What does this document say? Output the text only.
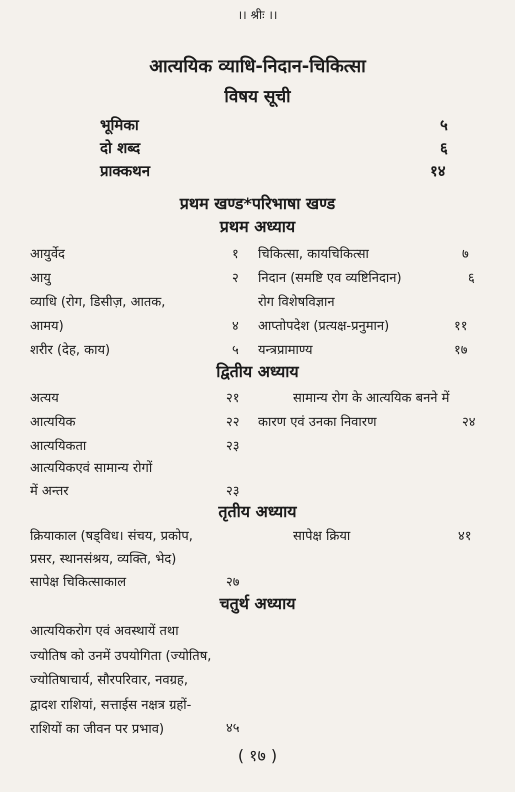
।। श्रीः ।।
आत्ययिक व्याधि-निदान-चिकित्सा
विषय सूची
भूमिका	५
दो शब्द	६
प्राक्कथन	१४
प्रथम खण्ड*परिभाषा खण्ड
प्रथम अध्याय
आयुर्वेद	१
आयु	२
व्याधि (रोग, डिसीज़, आतक,
आमय)	४
शरीर (देह, काय)	५
चिकित्सा, कायचिकित्सा	७
निदान (समष्टि एव व्यष्टिनिदान)	६
रोग विशेषविज्ञान
आप्तोपदेश (प्रत्यक्ष-प्रनुमान)	११
यन्त्रप्रामाण्य	१७
द्वितीय अध्याय
अत्यय	२१
आत्ययिक	२२
आत्ययिकता	२३
आत्ययिकएवं सामान्य रोगों
में अन्तर	२३
सामान्य रोग के आत्ययिक बनने में
कारण एवं उनका निवारण	२४
तृतीय अध्याय
क्रियाकाल (षड्विध। संचय, प्रकोप,
प्रसर, स्थानसंश्रय, व्यक्ति, भेद)
सापेक्ष चिकित्साकाल	२७
सापेक्ष क्रिया	४१
चतुर्थ अध्याय
आत्ययिकरोग एवं अवस्थायें तथा
ज्योतिष को उनमें उपयोगिता (ज्योतिष,
ज्योतिषाचार्य, सौरपरिवार, नवग्रह,
द्वादश राशियां, सत्ताईस नक्षत्र ग्रहों-
राशियों का जीवन पर प्रभाव)	४५
( १७ )
